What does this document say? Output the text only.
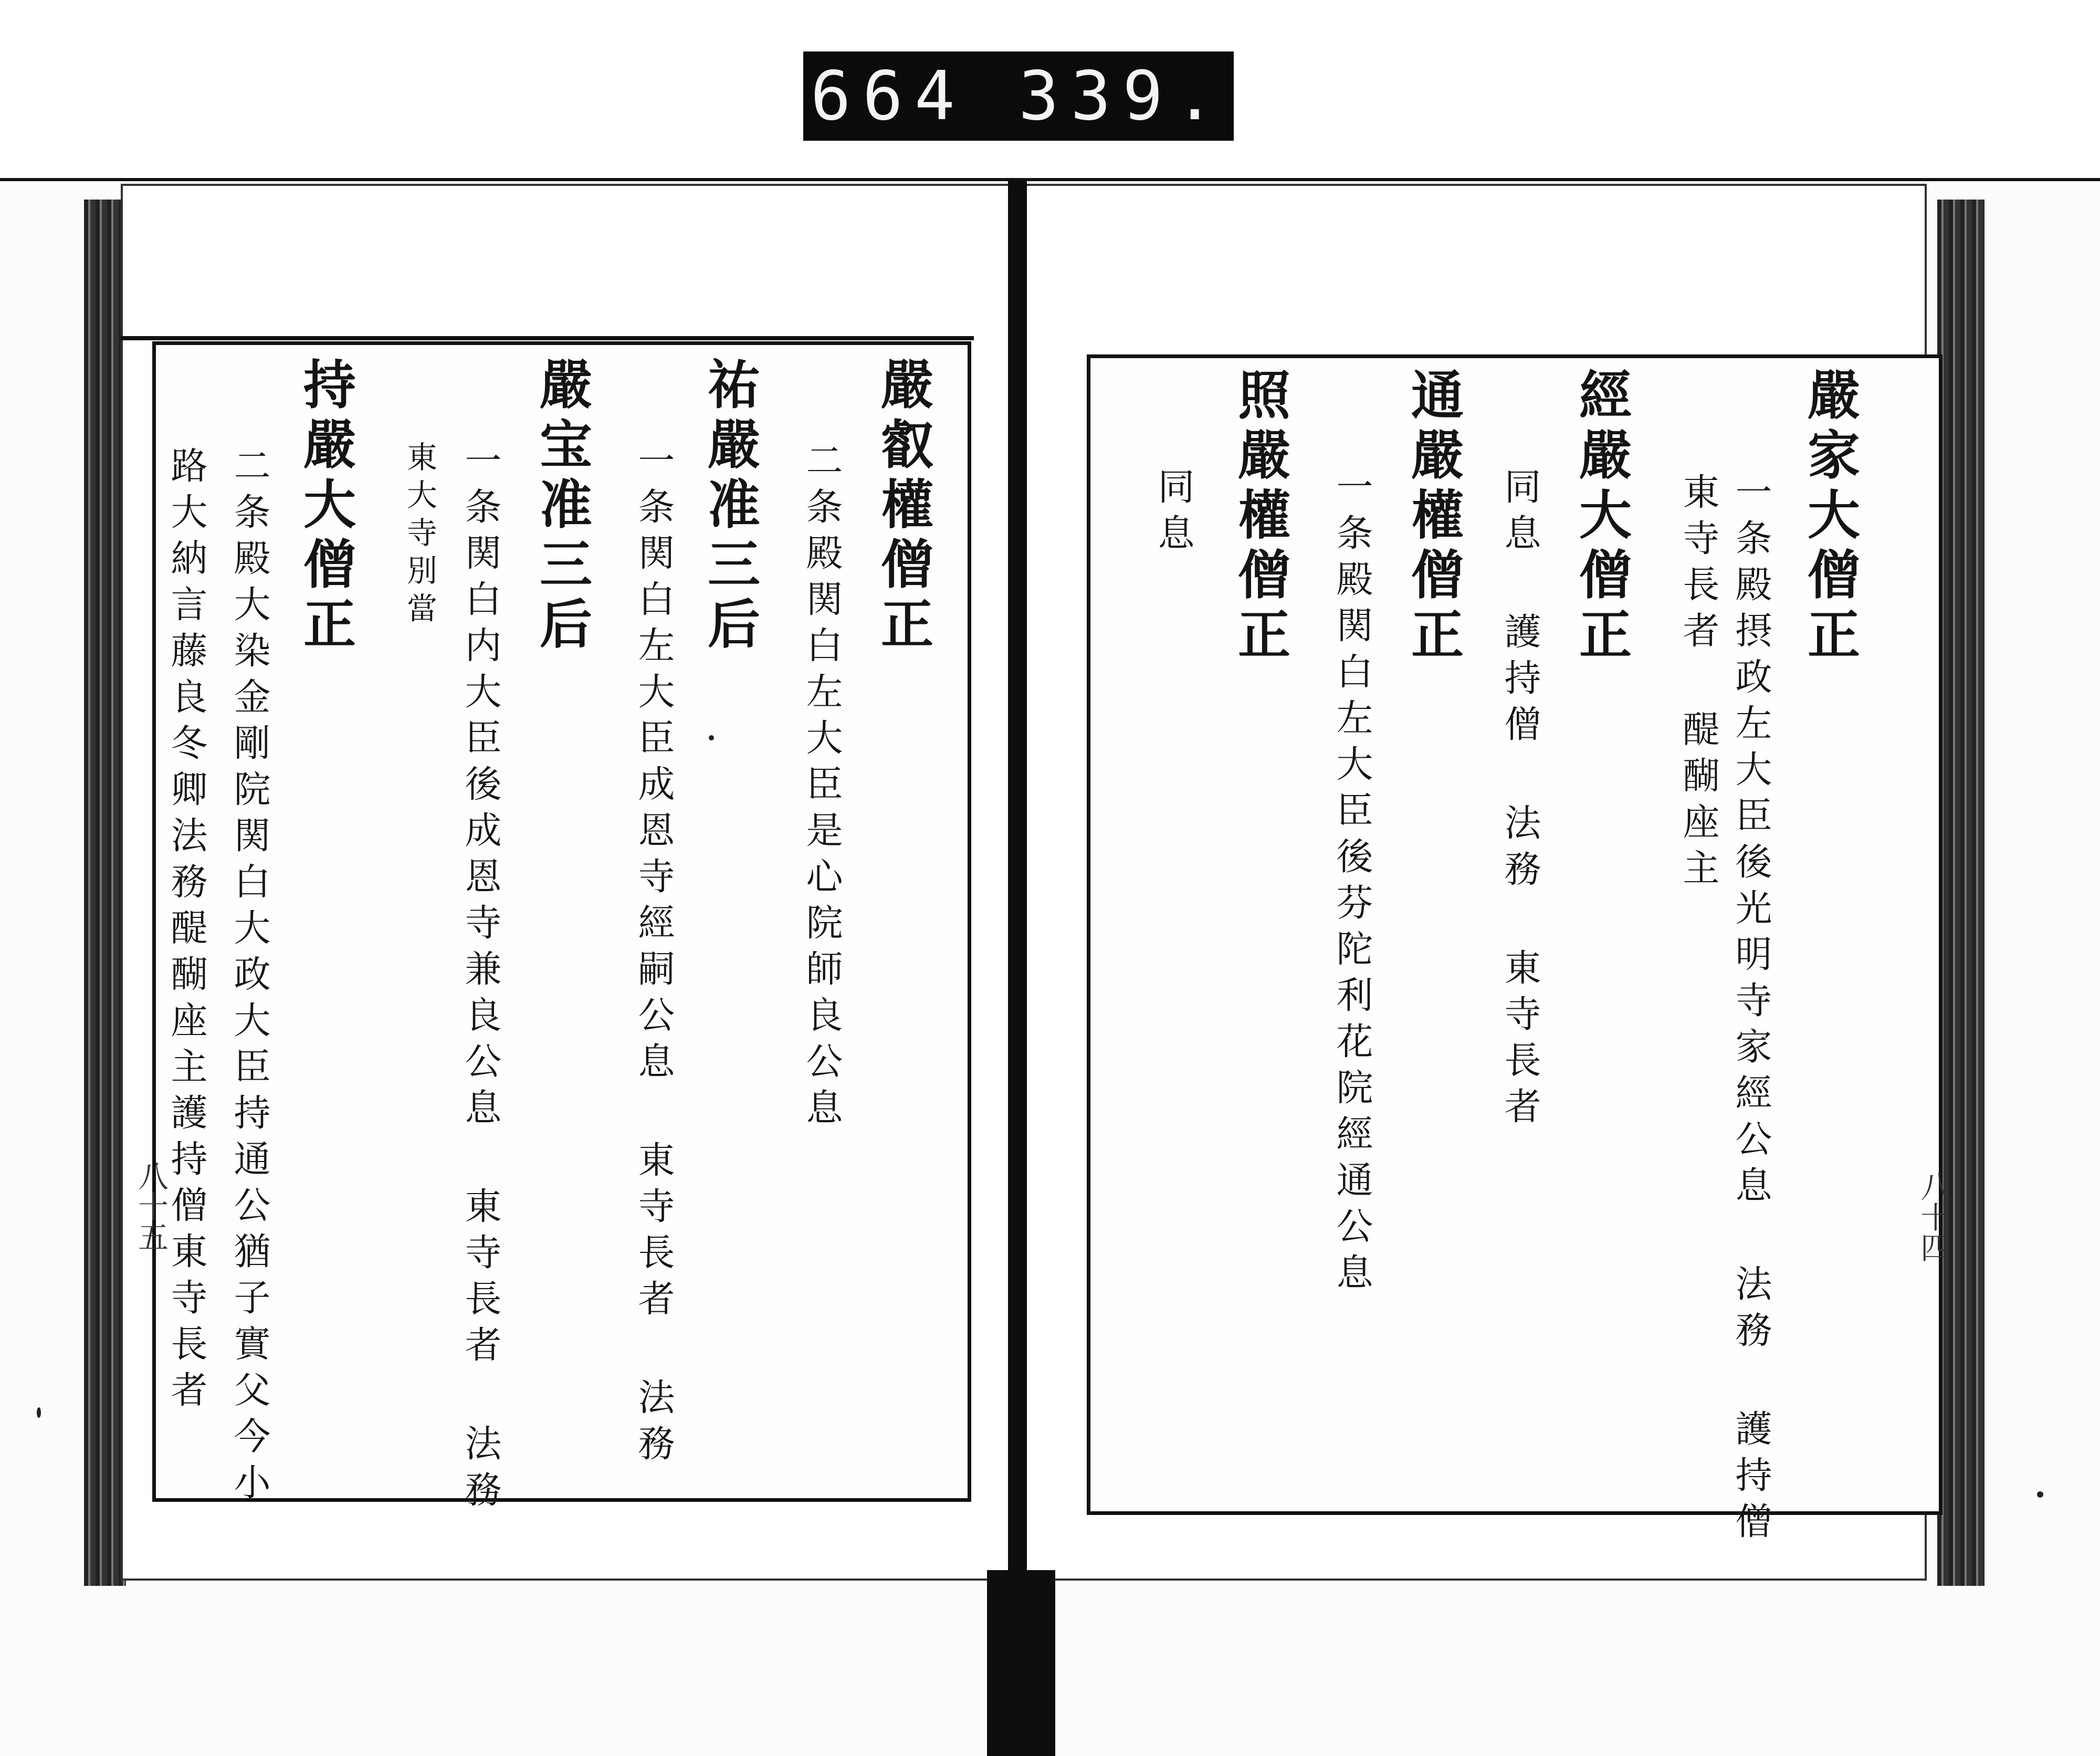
664 339.
嚴家大僧正
一条殿摂政左大臣後光明寺家經公息 法務 護持僧
東寺長者 醍醐座主
經嚴大僧正
同息 護持僧 法務 東寺長者
通嚴權僧正
一条殿関白左大臣後芬陀利花院經通公息
照嚴權僧正
同息
八十四
嚴叡權僧正
二条殿関白左大臣是心院師良公息
祐嚴准三后
一条関白左大臣成恩寺經嗣公息 東寺長者 法務
嚴宝准三后
一条関白内大臣後成恩寺兼良公息 東寺長者 法務
東大寺別當
持嚴大僧正
二条殿大染金剛院関白大政大臣持通公猶子實父今小
路大納言藤良冬卿法務醍醐座主護持僧東寺長者
八十五
